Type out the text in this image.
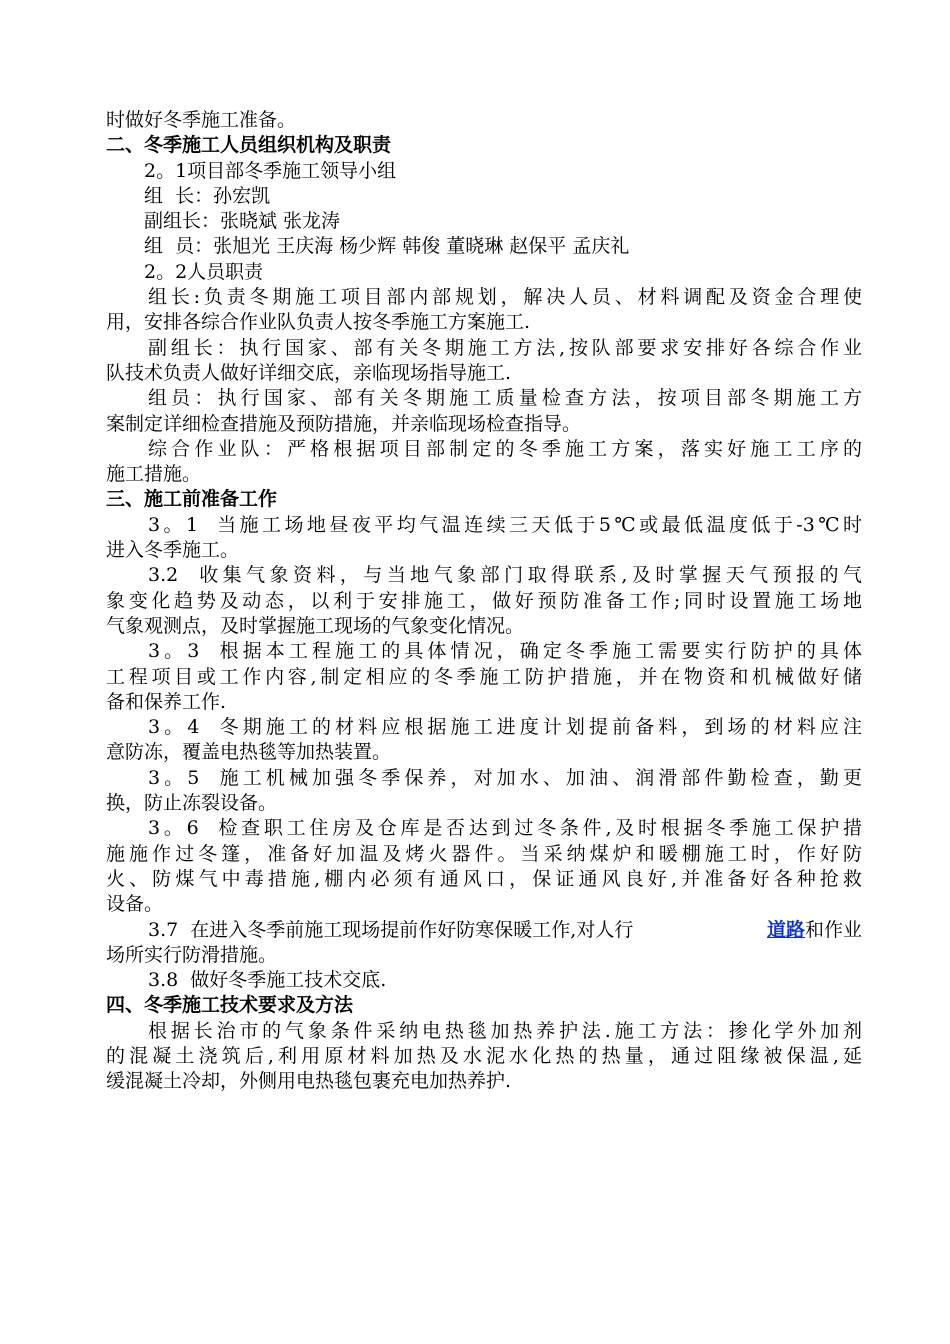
时做好冬季施工准备。
二、冬季施工人员组织机构及职责
2。1项目部冬季施工领导小组
组  长：孙宏凯
副组长：张晓斌 张龙涛
组  员：张旭光 王庆海 杨少辉 韩俊 董晓琳 赵保平 孟庆礼
2。2人员职责
组长:负责冬期施工项目部内部规划，解决人员、材料调配及资金合理使
用，安排各综合作业队负责人按冬季施工方案施工.
副组长：执行国家、部有关冬期施工方法,按队部要求安排好各综合作业
队技术负责人做好详细交底，亲临现场指导施工.
组员：执行国家、部有关冬期施工质量检查方法，按项目部冬期施工方
案制定详细检查措施及预防措施，并亲临现场检查指导。
综合作业队：严格根据项目部制定的冬季施工方案，落实好施工工序的
施工措施。
三、施工前准备工作
3。1  当施工场地昼夜平均气温连续三天低于5℃或最低温度低于-3℃时
进入冬季施工。
3.2  收集气象资料，与当地气象部门取得联系,及时掌握天气预报的气
象变化趋势及动态，以利于安排施工，做好预防准备工作;同时设置施工场地
气象观测点，及时掌握施工现场的气象变化情况。
3。3  根据本工程施工的具体情况，确定冬季施工需要实行防护的具体
工程项目或工作内容,制定相应的冬季施工防护措施，并在物资和机械做好储
备和保养工作.
3。4  冬期施工的材料应根据施工进度计划提前备料，到场的材料应注
意防冻，覆盖电热毯等加热装置。
3。5  施工机械加强冬季保养，对加水、加油、润滑部件勤检查，勤更
换，防止冻裂设备。
3。6  检查职工住房及仓库是否达到过冬条件,及时根据冬季施工保护措
施施作过冬篷，准备好加温及烤火器件。当采纳煤炉和暖棚施工时，作好防
火、防煤气中毒措施,棚内必须有通风口，保证通风良好,并准备好各种抢救
设备。
3.7  在进入冬季前施工现场提前作好防寒保暖工作,对人行	道路和作业
场所实行防滑措施。
3.8  做好冬季施工技术交底.
四、冬季施工技术要求及方法
根据长治市的气象条件采纳电热毯加热养护法.施工方法：掺化学外加剂
的混凝土浇筑后,利用原材料加热及水泥水化热的热量，通过阻缘被保温,延
缓混凝土冷却，外侧用电热毯包裹充电加热养护.
